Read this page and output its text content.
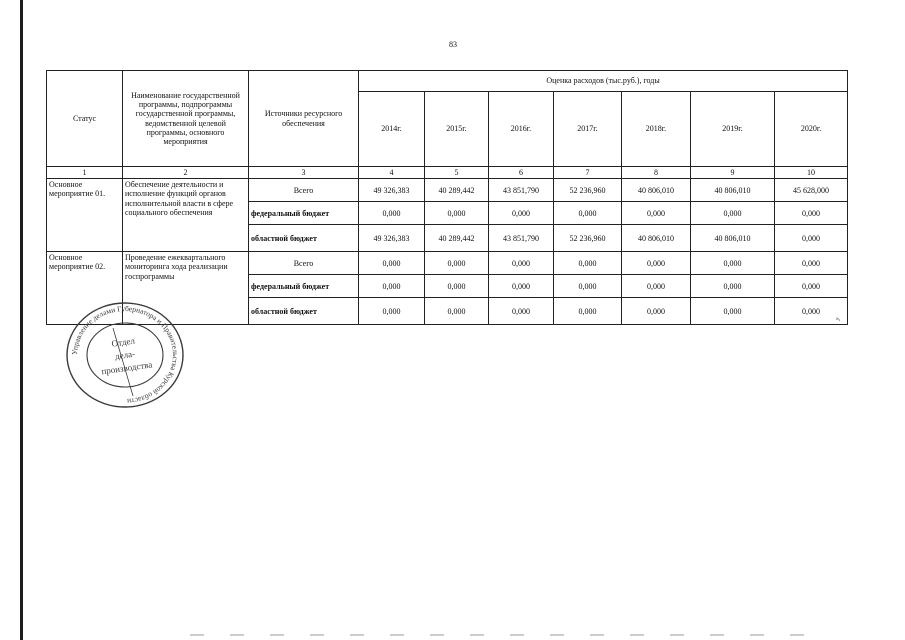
83
Статус	Наименование государственной программы, подпрограммы государственной программы, ведомственной целевой программы, основного мероприятия	Источники ресурсного обеспечения	Оценка расходов (тыс.руб.), годы						
			2014г.	2015г.	2016г.	2017г.	2018г.	2019г.	2020г.
1	2	3	4	5	6	7	8	9	10
Основное мероприятие 01.	Обеспечение деятельности и исполнение функций органов исполнительной власти в сфере социального обеспечения	Всего	49 326,383	40 289,442	43 851,790	52 236,960	40 806,010	40 806,010	45 628,000
		федеральный бюджет	0,000	0,000	0,000	0,000	0,000	0,000	0,000
		областной бюджет	49 326,383	40 289,442	43 851,790	52 236,960	40 806,010	40 806,010	0,000
Основное мероприятие 02.	Проведение ежеквартального мониторинга хода реализации госпрограммы	Всего	0,000	0,000	0,000	0,000	0,000	0,000	0,000
		федеральный бюджет	0,000	0,000	0,000	0,000	0,000	0,000	0,000
		областной бюджет	0,000	0,000	0,000	0,000	0,000	0,000	0,000
Управление делами Губернатора и Правительства Курской области
Отдел
дела-
производства
»,
